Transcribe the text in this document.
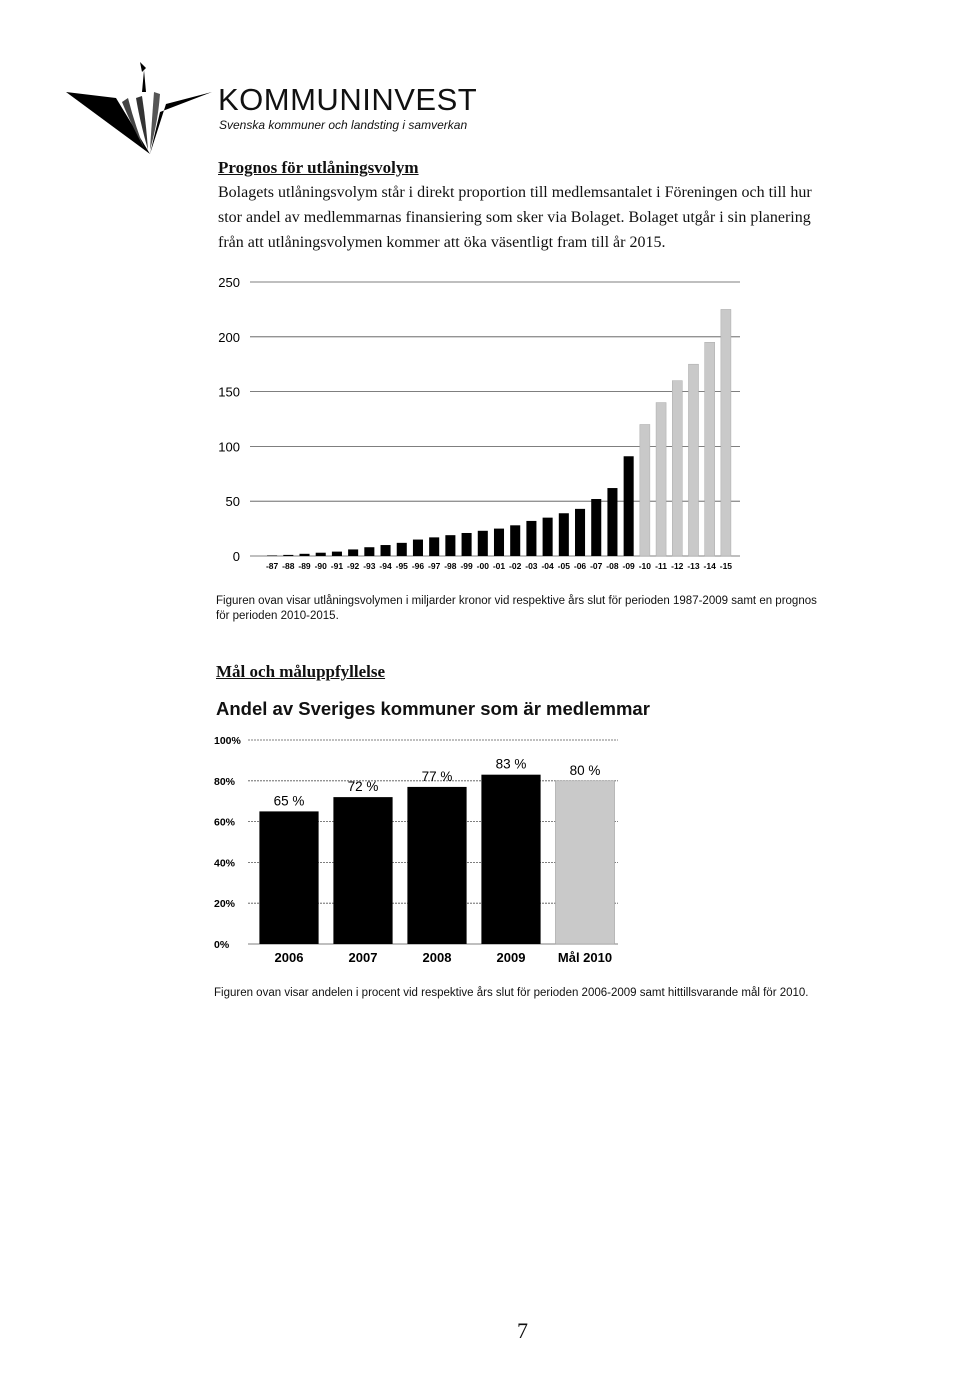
KOMMUNINVEST
Svenska kommuner och landsting i samverkan
Prognos för utlåningsvolym

Bolagets utlåningsvolym står i direkt proportion till medlemsantalet i Föreningen och till hur

stor andel av medlemmarnas finansiering som sker via Bolaget. Bolaget utgår i sin planering

från att utlåningsvolymen kommer att öka väsentligt fram till år 2015.

0
50
100
150
200
250
-87 -88 -89 -90 -91 -92 -93 -94 -95 -96 -97 -98 -99 -00 -01 -02 -03 -04 -05 -06 -07 -08 -09 -10 -11 -12 -13 -14 -15
Figuren ovan visar utlåningsvolymen i miljarder kronor vid respektive års slut för perioden 1987-2009 samt en prognos
för perioden 2010-2015.
Mål och måluppfyllelse
Andel av Sveriges kommuner som är medlemmar
0%
20%
40%
60%
80%
100%
65 %
2006
72 %
2007
77 %
2008
83 %
2009
80 %
Mål 2010
Figuren ovan visar andelen i procent vid respektive års slut för perioden 2006-2009 samt hittillsvarande mål för 2010.
7
